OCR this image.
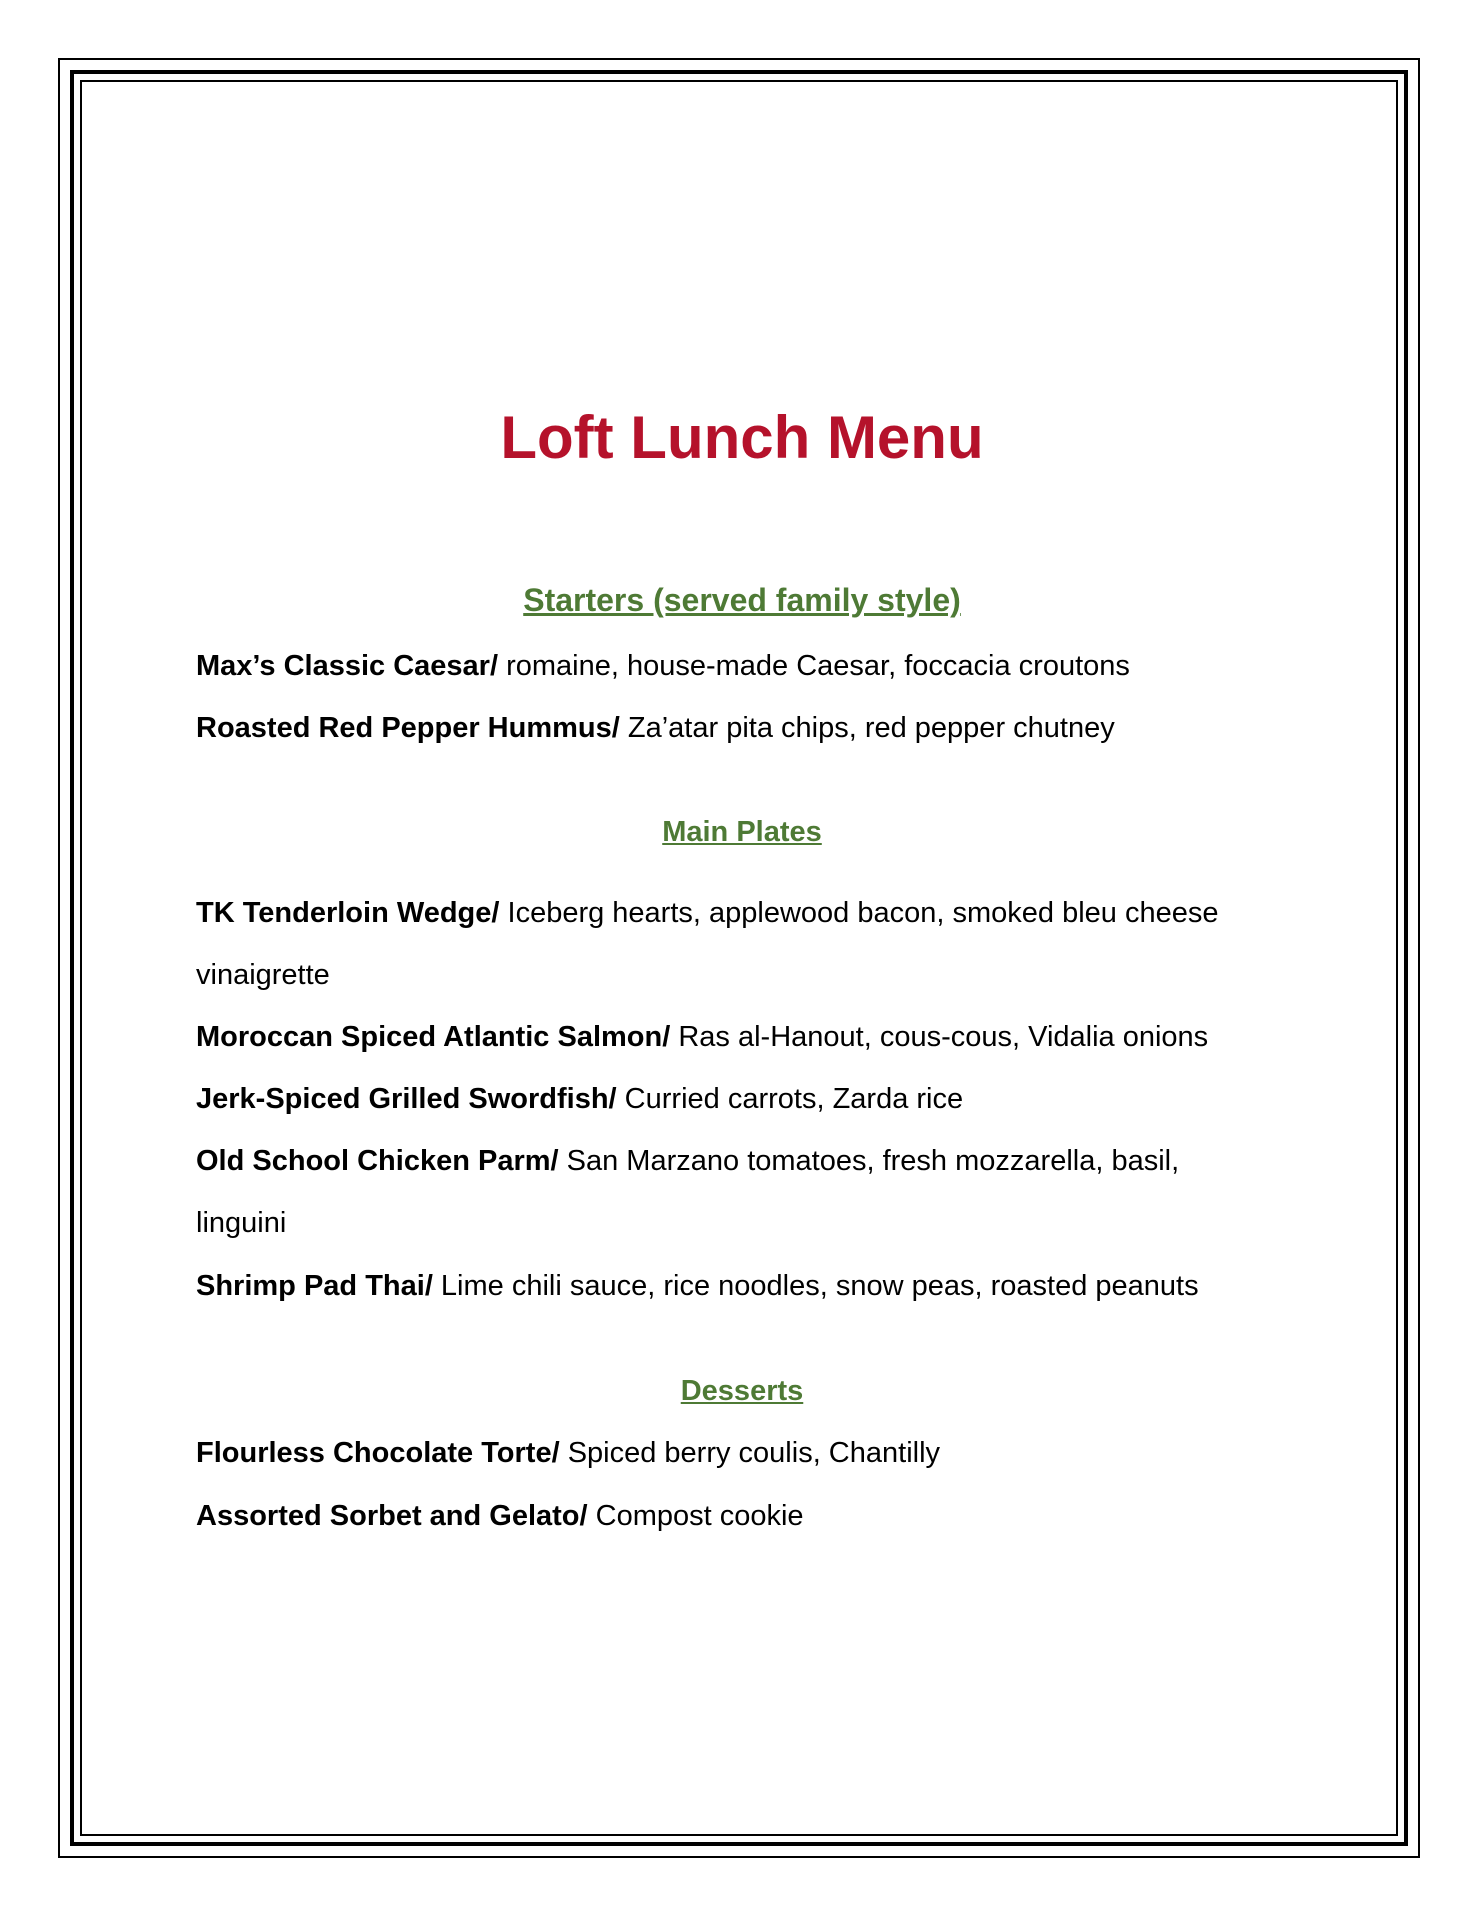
Loft Lunch Menu
Starters (served family style)
Max’s Classic Caesar/ romaine, house-made Caesar, foccacia croutons
Roasted Red Pepper Hummus/ Za’atar pita chips, red pepper chutney
Main Plates
TK Tenderloin Wedge/ Iceberg hearts, applewood bacon, smoked bleu cheese
vinaigrette
Moroccan Spiced Atlantic Salmon/ Ras al-Hanout, cous-cous, Vidalia onions
Jerk-Spiced Grilled Swordfish/ Curried carrots, Zarda rice
Old School Chicken Parm/ San Marzano tomatoes, fresh mozzarella, basil,
linguini
Shrimp Pad Thai/ Lime chili sauce, rice noodles, snow peas, roasted peanuts
Desserts
Flourless Chocolate Torte/ Spiced berry coulis, Chantilly
Assorted Sorbet and Gelato/ Compost cookie
